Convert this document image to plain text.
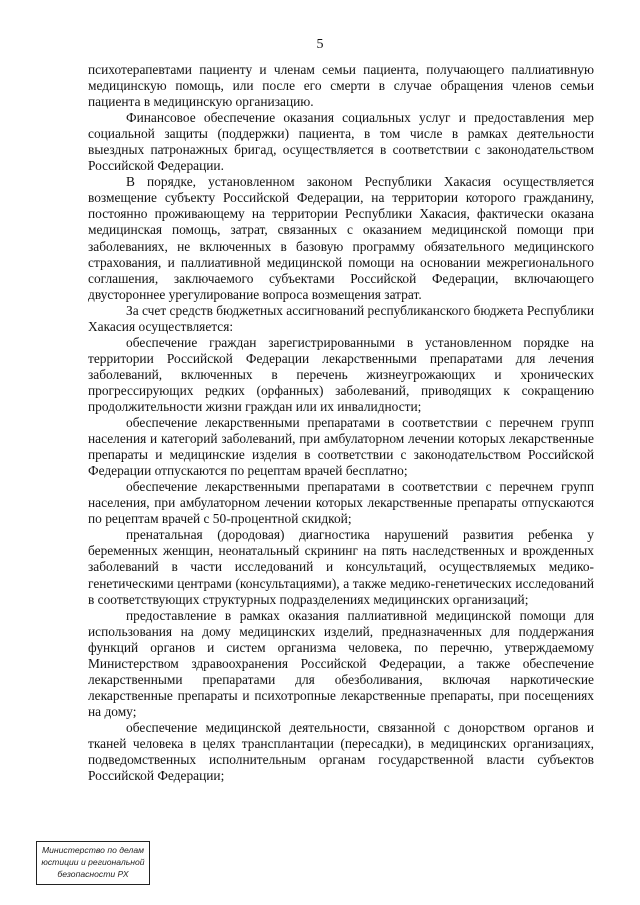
5

психотерапевтами пациенту и членам семьи пациента, получающего паллиативную медицинскую помощь, или после его смерти в случае обращения членов семьи пациента в медицинскую организацию.

Финансовое обеспечение оказания социальных услуг и предоставления мер социальной защиты (поддержки) пациента, в том числе в рамках деятельности выездных патронажных бригад, осуществляется в соответствии с законодательством Российской Федерации.

В порядке, установленном законом Республики Хакасия осуществляется возмещение субъекту Российской Федерации, на территории которого гражданину, постоянно проживающему на территории Республики Хакасия, фактически оказана медицинская помощь, затрат, связанных с оказанием медицинской помощи при заболеваниях, не включенных в базовую программу обязательного медицинского страхования, и паллиативной медицинской помощи на основании межрегионального соглашения, заключаемого субъектами Российской Федерации, включающего двустороннее урегулирование вопроса возмещения затрат.

За счет средств бюджетных ассигнований республиканского бюджета Республики Хакасия осуществляется:

обеспечение граждан зарегистрированными в установленном порядке на территории Российской Федерации лекарственными препаратами для лечения заболеваний, включенных в перечень жизнеугрожающих и хронических прогрессирующих редких (орфанных) заболеваний, приводящих к сокращению продолжительности жизни граждан или их инвалидности;

обеспечение лекарственными препаратами в соответствии с перечнем групп населения и категорий заболеваний, при амбулаторном лечении которых лекарственные препараты и медицинские изделия в соответствии с законодательством Российской Федерации отпускаются по рецептам врачей бесплатно;

обеспечение лекарственными препаратами в соответствии с перечнем групп населения, при амбулаторном лечении которых лекарственные препараты отпускаются по рецептам врачей с 50-процентной скидкой;

пренатальная (дородовая) диагностика нарушений развития ребенка у беременных женщин, неонатальный скрининг на пять наследственных и врожденных заболеваний в части исследований и консультаций, осуществляемых медико-генетическими центрами (консультациями), а также медико-генетических исследований в соответствующих структурных подразделениях медицинских организаций;

предоставление в рамках оказания паллиативной медицинской помощи для использования на дому медицинских изделий, предназначенных для поддержания функций органов и систем организма человека, по перечню, утверждаемому Министерством здравоохранения Российской Федерации, а также обеспечение лекарственными препаратами для обезболивания, включая наркотические лекарственные препараты и психотропные лекарственные препараты, при посещениях на дому;

обеспечение медицинской деятельности, связанной с донорством органов и тканей человека в целях трансплантации (пересадки), в медицинских организациях, подведомственных исполнительным органам государственной власти субъектов Российской Федерации;

Министерство по делам
юстиции и региональной
безопасности РХ
